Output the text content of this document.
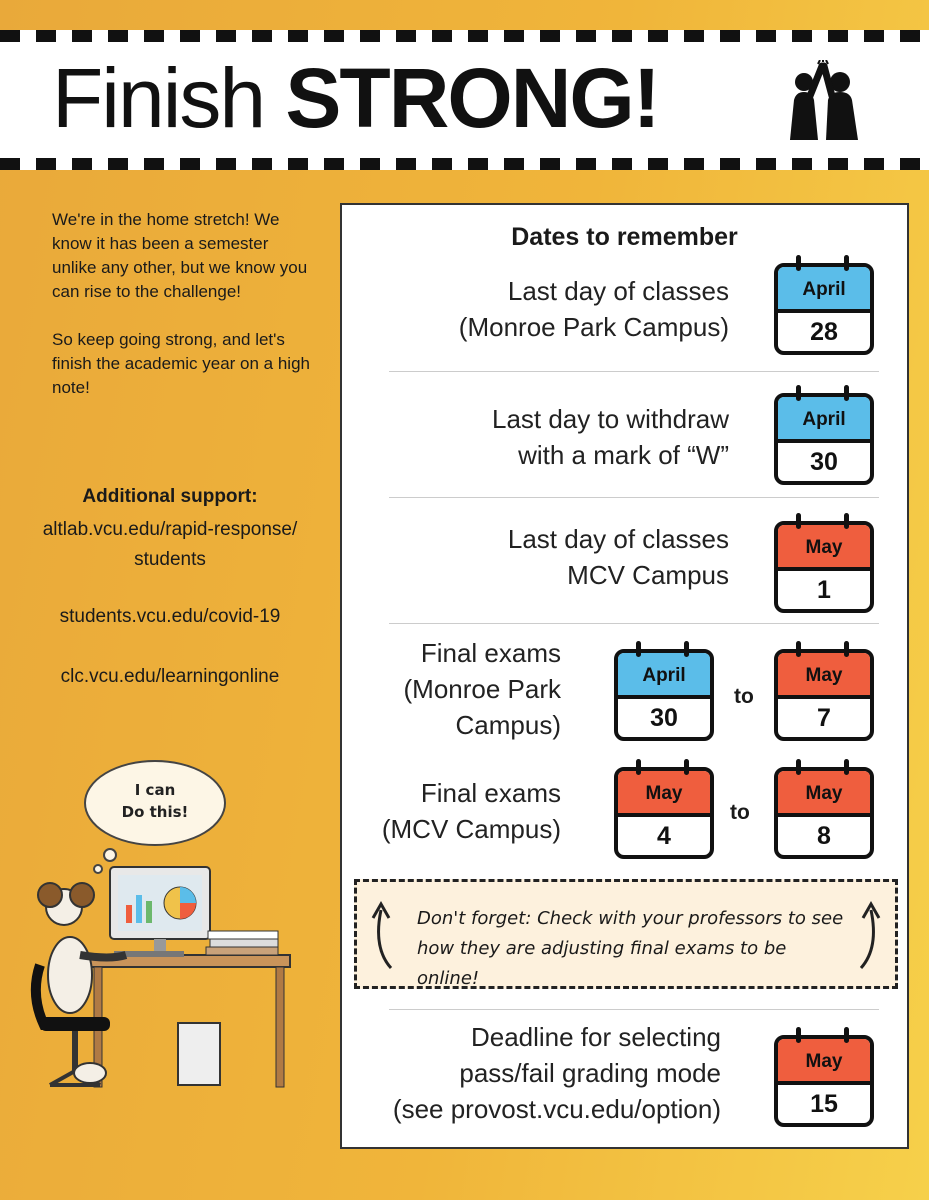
Finish STRONG!

We're in the home stretch! We know it has been a semester unlike any other, but we know you can rise to the challenge!

So keep going strong, and let's finish the academic year on a high note!

Additional support:
altlab.vcu.edu/rapid-response/ students
students.vcu.edu/covid-19
clc.vcu.edu/learningonline
I can
Do this!
Dates to remember
Last day of classes
(Monroe Park Campus)
April
28
Last day to withdraw
with a mark of “W”
April
30
Last day of classes
MCV Campus
May
1
Final exams
(Monroe Park
Campus)
April
30
to
May
7
Final exams
(MCV Campus)
May
4
to
May
8
Don't forget: Check with your professors to see how they are adjusting final exams to be online!
Deadline for selecting
pass/fail grading mode
(see provost.vcu.edu/option)
May
15
